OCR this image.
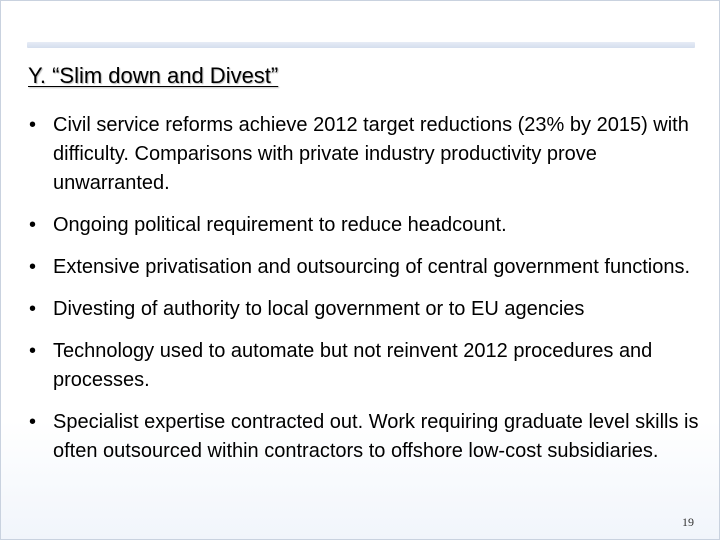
Y. “Slim down and Divest”
• Civil service reforms achieve 2012 target reductions (23% by 2015) with difficulty. Comparisons with private industry productivity prove unwarranted.
• Ongoing political requirement to reduce headcount.
• Extensive privatisation and outsourcing of central government functions.
• Divesting of authority to local government or to EU agencies
• Technology used to automate but not reinvent 2012 procedures and processes.
• Specialist expertise contracted out. Work requiring graduate level skills is often outsourced within contractors to offshore low-cost subsidiaries.
19
